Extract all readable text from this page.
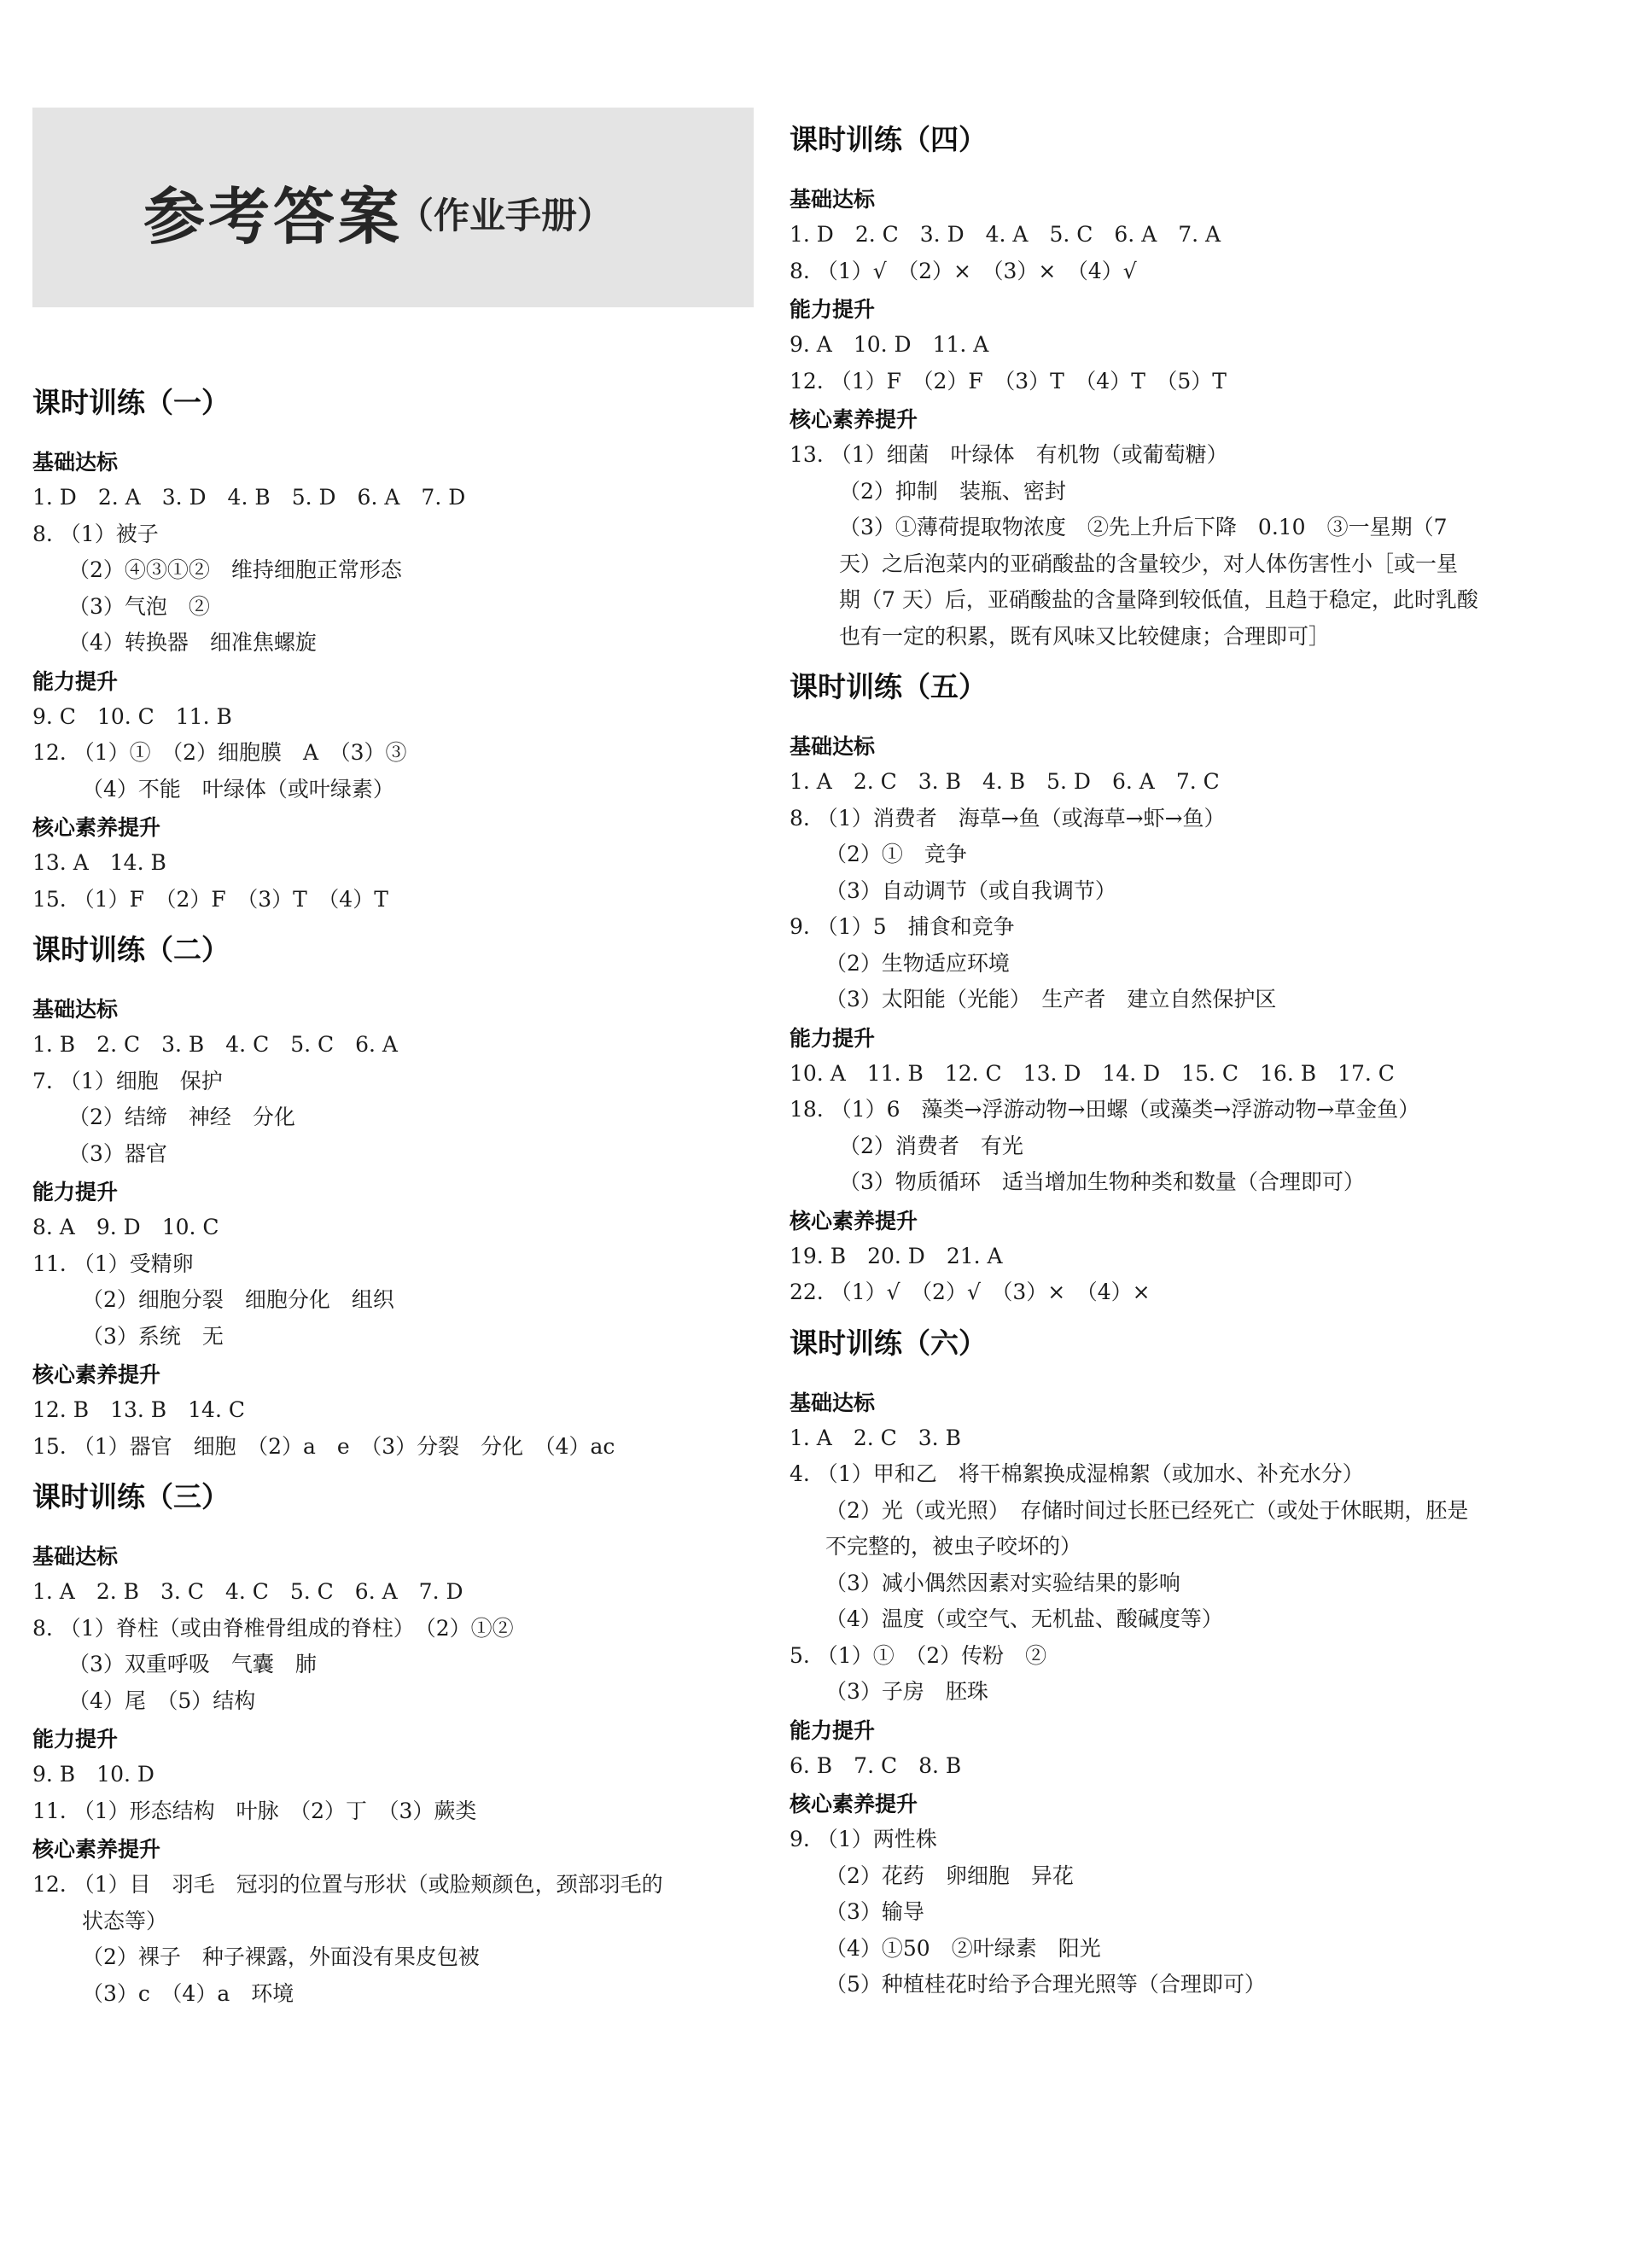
参考答案
（作业手册）
课时训练（一）
基础达标
1. D　2. A　3. D　4. B　5. D　6. A　7. D
8. （1）被子
（2）④③①②　维持细胞正常形态
（3）气泡　②
（4）转换器　细准焦螺旋
能力提升
9. C　10. C　11. B
12. （1）①　（2）细胞膜　A　（3）③
（4）不能　叶绿体（或叶绿素）
核心素养提升
13. A　14. B
15. （1）F　（2）F　（3）T　（4）T
课时训练（二）
基础达标
1. B　2. C　3. B　4. C　5. C　6. A
7. （1）细胞　保护
（2）结缔　神经　分化
（3）器官
能力提升
8. A　9. D　10. C
11. （1）受精卵
（2）细胞分裂　细胞分化　组织
（3）系统　无
核心素养提升
12. B　13. B　14. C
15. （1）器官　细胞　（2）a　e　（3）分裂　分化　（4）ac
课时训练（三）
基础达标
1. A　2. B　3. C　4. C　5. C　6. A　7. D
8. （1）脊柱（或由脊椎骨组成的脊柱）　（2）①②
（3）双重呼吸　气囊　肺
（4）尾　（5）结构
能力提升
9. B　10. D
11. （1）形态结构　叶脉　（2）丁　（3）蕨类
核心素养提升
12. （1）目　羽毛　冠羽的位置与形状（或脸颊颜色，颈部羽毛的
状态等）
（2）裸子　种子裸露，外面没有果皮包被
（3）c　（4）a　环境
课时训练（四）
基础达标
1. D　2. C　3. D　4. A　5. C　6. A　7. A
8. （1）√　（2）×　（3）×　（4）√
能力提升
9. A　10. D　11. A
12. （1）F　（2）F　（3）T　（4）T　（5）T
核心素养提升
13. （1）细菌　叶绿体　有机物（或葡萄糖）
（2）抑制　装瓶、密封
（3）①薄荷提取物浓度　②先上升后下降　0.10　③一星期（7
天）之后泡菜内的亚硝酸盐的含量较少，对人体伤害性小［或一星
期（7 天）后，亚硝酸盐的含量降到较低值，且趋于稳定，此时乳酸
也有一定的积累，既有风味又比较健康；合理即可］
课时训练（五）
基础达标
1. A　2. C　3. B　4. B　5. D　6. A　7. C
8. （1）消费者　海草→鱼（或海草→虾→鱼）
（2）①　竞争
（3）自动调节（或自我调节）
9. （1）5　捕食和竞争
（2）生物适应环境
（3）太阳能（光能）　生产者　建立自然保护区
能力提升
10. A　11. B　12. C　13. D　14. D　15. C　16. B　17. C
18. （1）6　藻类→浮游动物→田螺（或藻类→浮游动物→草金鱼）
（2）消费者　有光
（3）物质循环　适当增加生物种类和数量（合理即可）
核心素养提升
19. B　20. D　21. A
22. （1）√　（2）√　（3）×　（4）×
课时训练（六）
基础达标
1. A　2. C　3. B
4. （1）甲和乙　将干棉絮换成湿棉絮（或加水、补充水分）
（2）光（或光照）　存储时间过长胚已经死亡（或处于休眠期，胚是
不完整的，被虫子咬坏的）
（3）减小偶然因素对实验结果的影响
（4）温度（或空气、无机盐、酸碱度等）
5. （1）①　（2）传粉　②
（3）子房　胚珠
能力提升
6. B　7. C　8. B
核心素养提升
9. （1）两性株
（2）花药　卵细胞　异花
（3）输导
（4）①50　②叶绿素　阳光
（5）种植桂花时给予合理光照等（合理即可）
